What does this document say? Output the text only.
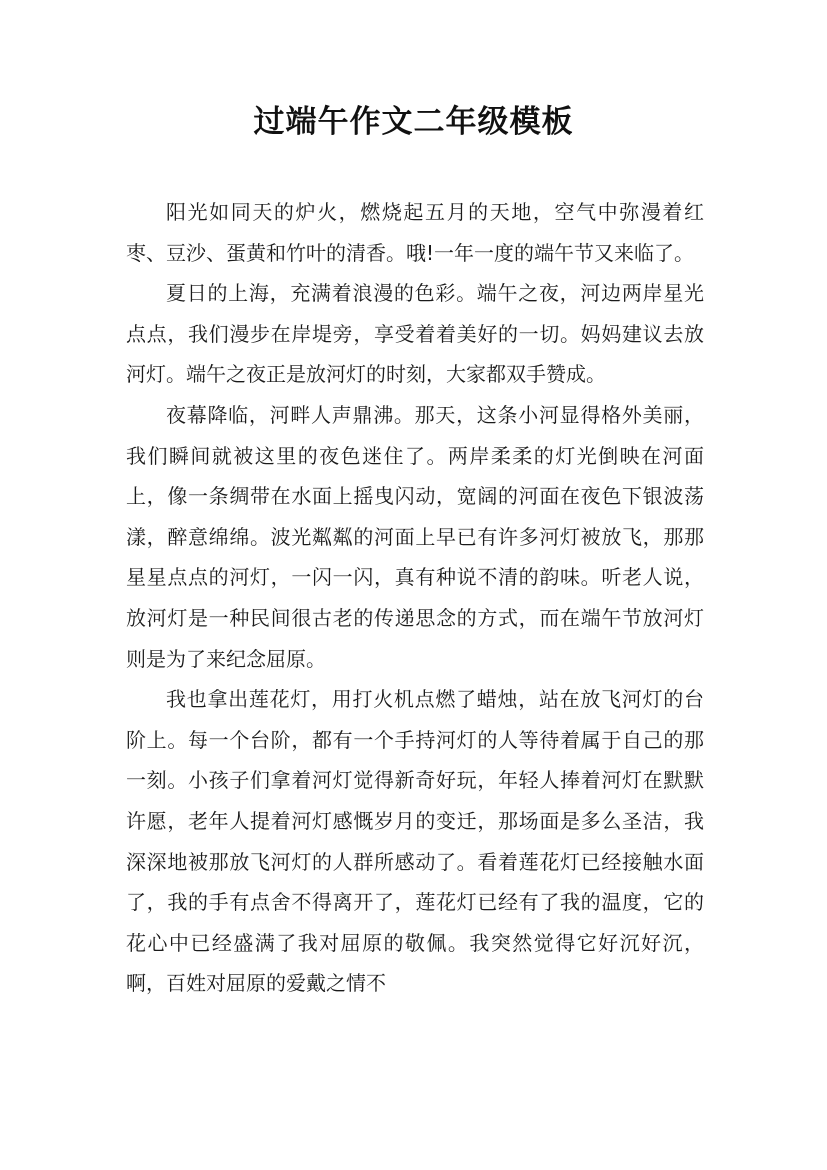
过端午作文二年级模板

阳光如同天的炉火，燃烧起五月的天地，空气中弥漫着红枣、豆沙、蛋黄和竹叶的清香。哦!一年一度的端午节又来临了。

夏日的上海，充满着浪漫的色彩。端午之夜，河边两岸星光点点，我们漫步在岸堤旁，享受着着美好的一切。妈妈建议去放河灯。端午之夜正是放河灯的时刻，大家都双手赞成。

夜幕降临，河畔人声鼎沸。那天，这条小河显得格外美丽，我们瞬间就被这里的夜色迷住了。两岸柔柔的灯光倒映在河面上，像一条绸带在水面上摇曳闪动，宽阔的河面在夜色下银波荡漾，醉意绵绵。波光粼粼的河面上早已有许多河灯被放飞，那那星星点点的河灯，一闪一闪，真有种说不清的韵味。听老人说，放河灯是一种民间很古老的传递思念的方式，而在端午节放河灯则是为了来纪念屈原。

我也拿出莲花灯，用打火机点燃了蜡烛，站在放飞河灯的台阶上。每一个台阶，都有一个手持河灯的人等待着属于自己的那一刻。小孩子们拿着河灯觉得新奇好玩，年轻人捧着河灯在默默许愿，老年人提着河灯感慨岁月的变迁，那场面是多么圣洁，我深深地被那放飞河灯的人群所感动了。看着莲花灯已经接触水面了，我的手有点舍不得离开了，莲花灯已经有了我的温度，它的花心中已经盛满了我对屈原的敬佩。我突然觉得它好沉好沉，啊，百姓对屈原的爱戴之情不
